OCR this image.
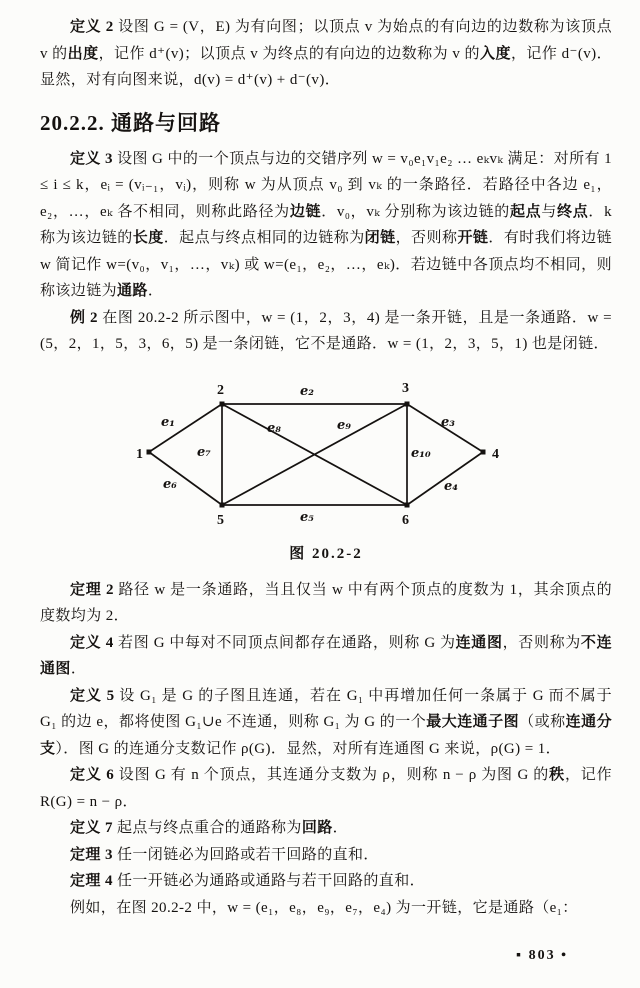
定义 2 设图 G = (V，E) 为有向图；以顶点 v 为始点的有向边的边数称为该顶点 v 的出度，记作 d⁺(v)；以顶点 v 为终点的有向边的边数称为 v 的入度，记作 d⁻(v)．显然，对有向图来说，d(v) = d⁺(v) + d⁻(v)．

20.2.2. 通路与回路

定义 3 设图 G 中的一个顶点与边的交错序列 w = v₀e₁v₁e₂ … eₖvₖ 满足：对所有 1 ≤ i ≤ k，eᵢ = (vᵢ₋₁，vᵢ)，则称 w 为从顶点 v₀ 到 vₖ 的一条路径．若路径中各边 e₁，e₂，…，eₖ 各不相同，则称此路径为边链．v₀，vₖ 分别称为该边链的起点与终点．k 称为该边链的长度．起点与终点相同的边链称为闭链，否则称开链．有时我们将边链 w 简记作 w=(v₀，v₁，…，vₖ) 或 w=(e₁，e₂，…，eₖ)．若边链中各顶点均不相同，则称该边链为通路．

例 2 在图 20.2-2 所示图中，w = (1，2，3，4) 是一条开链，且是一条通路．w = (5，2，1，5，3，6，5) 是一条闭链，它不是通路．w = (1，2，3，5，1) 也是闭链．

1
2	3
4
5	6
e₁
e₂
e₃
e₄
e₅
e₆
e₇
e₈	e₉
e₁₀
图 20.2-2

定理 2 路径 w 是一条通路，当且仅当 w 中有两个顶点的度数为 1，其余顶点的度数均为 2．

定义 4 若图 G 中每对不同顶点间都存在通路，则称 G 为连通图，否则称为不连通图．

定义 5 设 G₁ 是 G 的子图且连通，若在 G₁ 中再增加任何一条属于 G 而不属于 G₁ 的边 e，都将使图 G₁∪e 不连通，则称 G₁ 为 G 的一个最大连通子图（或称连通分支）．图 G 的连通分支数记作 ρ(G)．显然，对所有连通图 G 来说，ρ(G) = 1．

定义 6 设图 G 有 n 个顶点，其连通分支数为 ρ，则称 n − ρ 为图 G 的秩，记作 R(G) = n − ρ．

定义 7 起点与终点重合的通路称为回路．

定理 3 任一闭链必为回路或若干回路的直和．

定理 4 任一开链必为通路或通路与若干回路的直和．

例如，在图 20.2-2 中，w = (e₁，e₈，e₉，e₇，e₄) 为一开链，它是通路（e₁：

▪ 803 •
